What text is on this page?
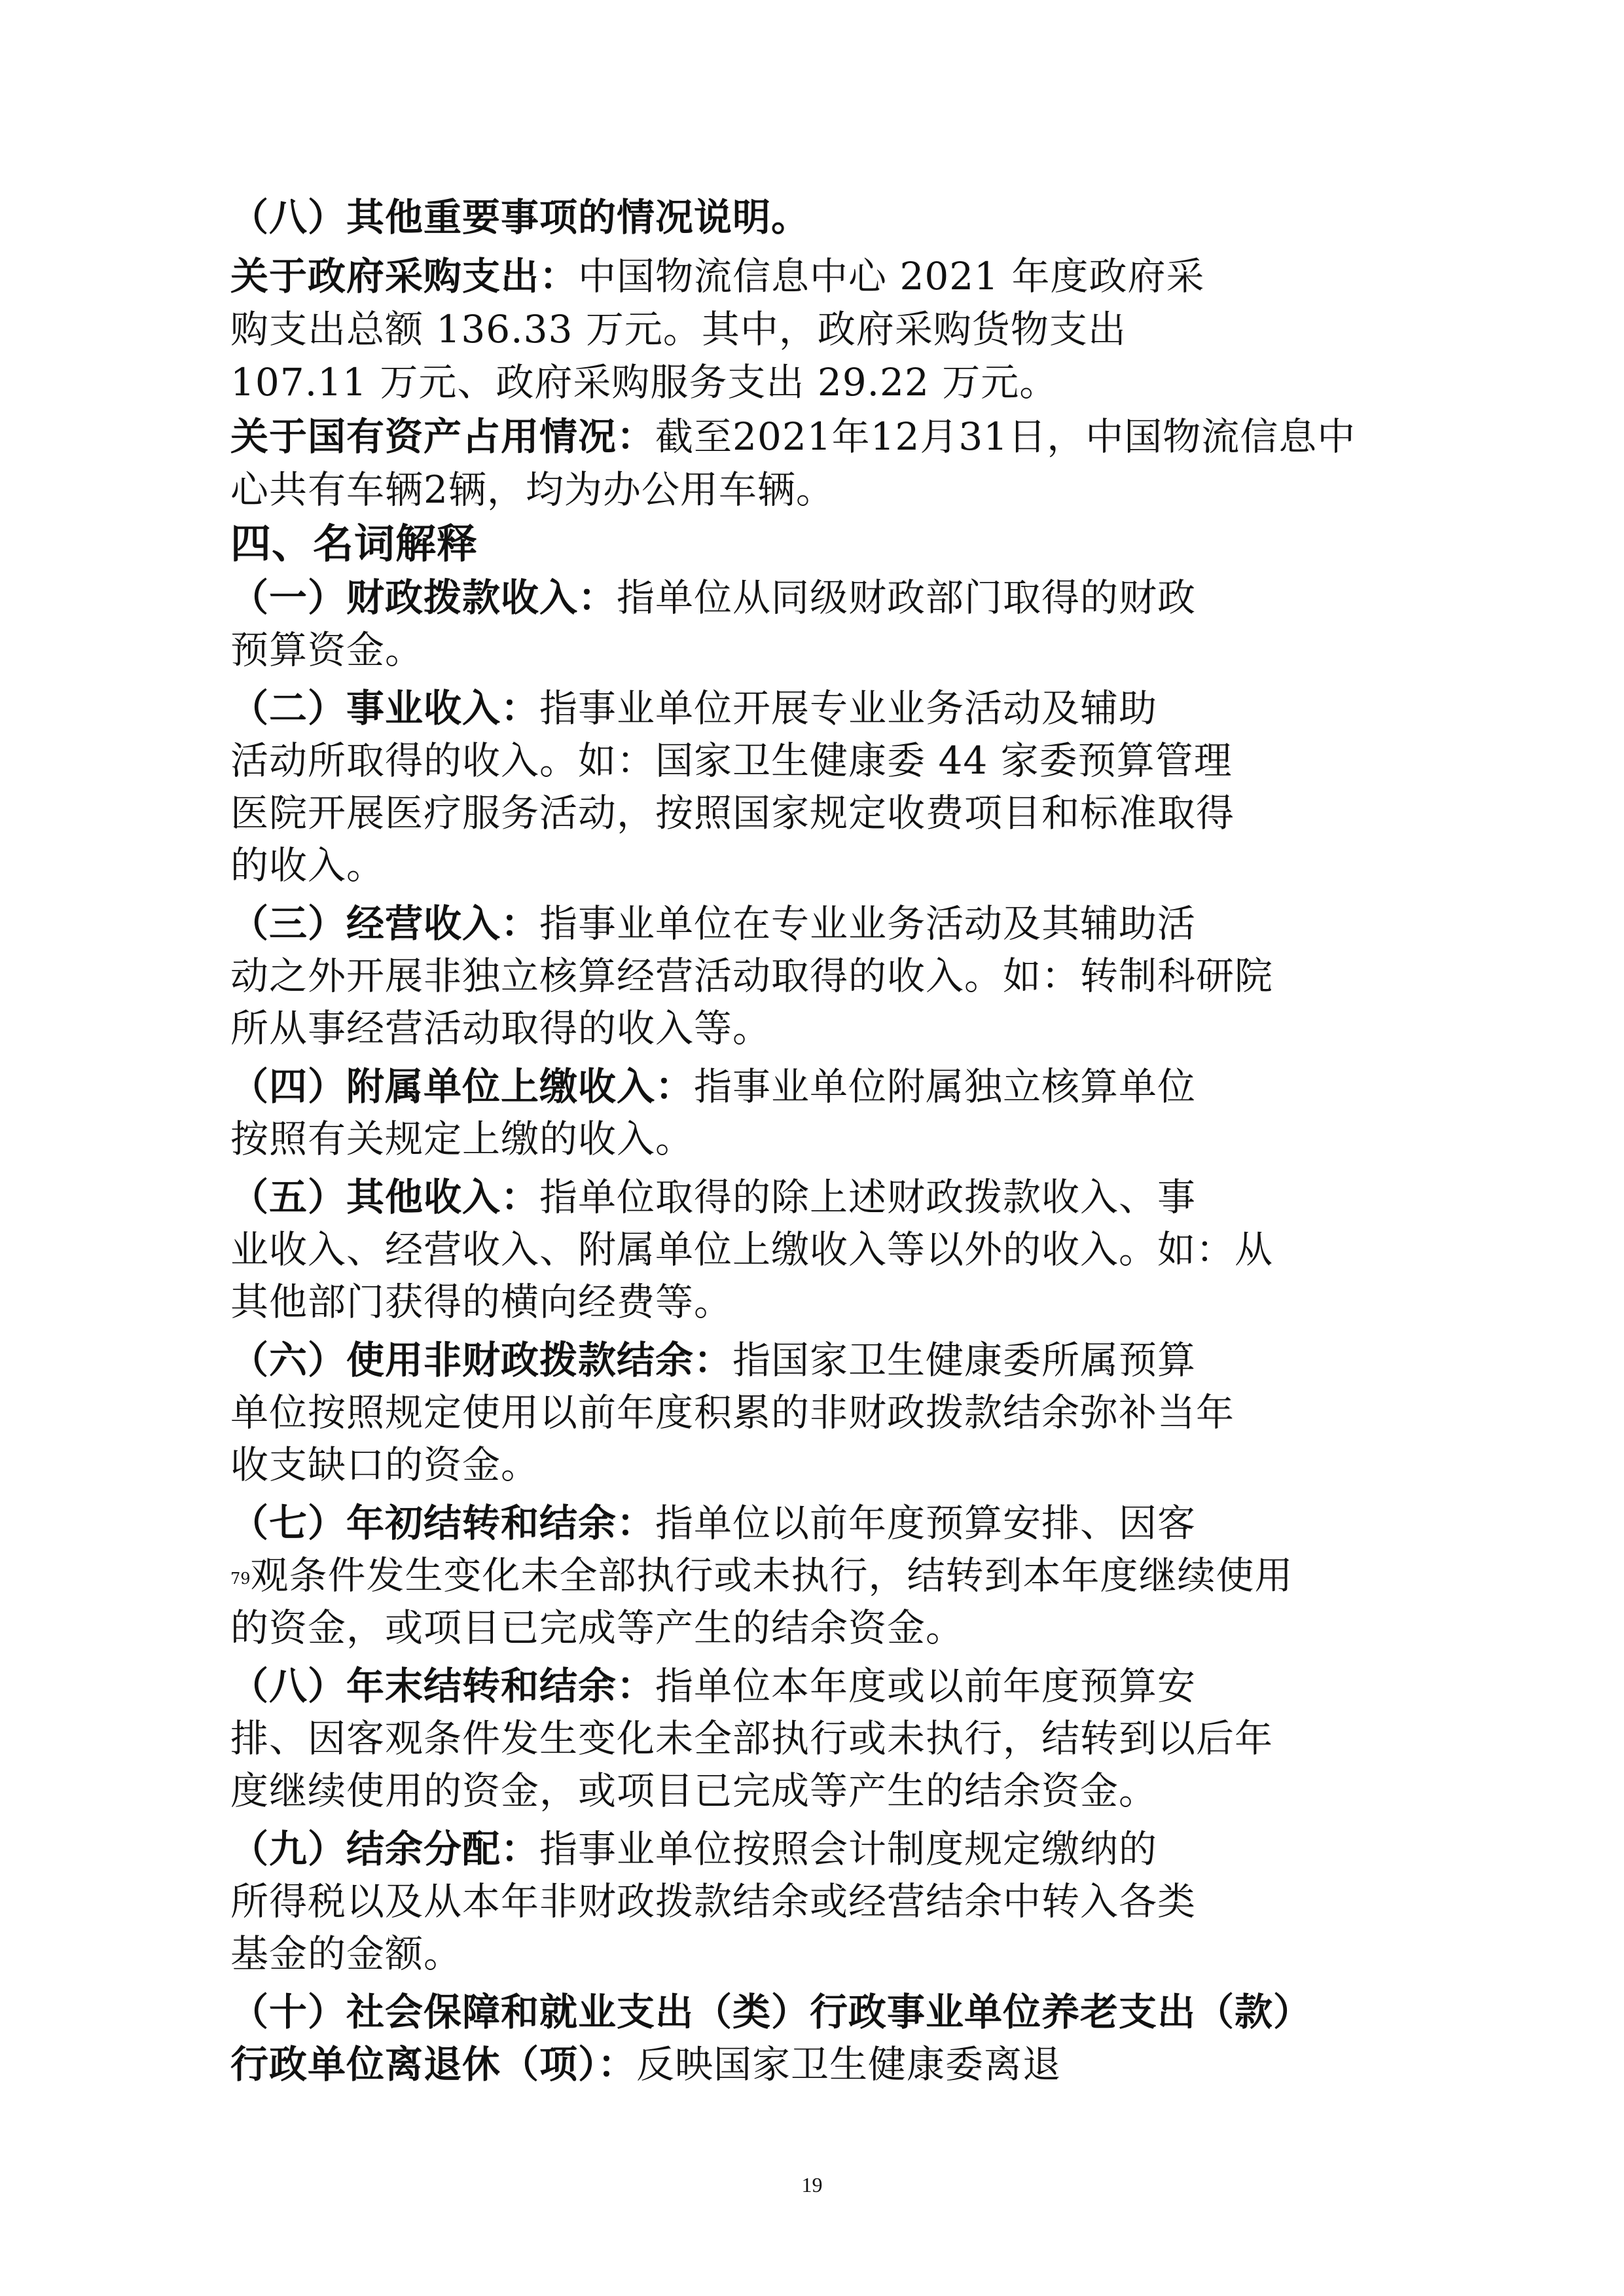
（八）其他重要事项的情况说明。
关于政府采购支出：中国物流信息中心 2021 年度政府采
购支出总额 136.33 万元。其中，政府采购货物支出
107.11 万元、政府采购服务支出 29.22 万元。
关于国有资产占用情况：截至2021年12月31日，中国物流信息中
心共有车辆2辆，均为办公用车辆。
四、名词解释
（一）财政拨款收入：指单位从同级财政部门取得的财政
预算资金。
（二）事业收入：指事业单位开展专业业务活动及辅助
活动所取得的收入。如：国家卫生健康委 44 家委预算管理
医院开展医疗服务活动，按照国家规定收费项目和标准取得
的收入。
（三）经营收入：指事业单位在专业业务活动及其辅助活
动之外开展非独立核算经营活动取得的收入。如：转制科研院
所从事经营活动取得的收入等。
（四）附属单位上缴收入：指事业单位附属独立核算单位
按照有关规定上缴的收入。
（五）其他收入：指单位取得的除上述财政拨款收入、事
业收入、经营收入、附属单位上缴收入等以外的收入。如：从
其他部门获得的横向经费等。
（六）使用非财政拨款结余：指国家卫生健康委所属预算
单位按照规定使用以前年度积累的非财政拨款结余弥补当年
收支缺口的资金。
（七）年初结转和结余：指单位以前年度预算安排、因客
79观条件发生变化未全部执行或未执行，结转到本年度继续使用
的资金，或项目已完成等产生的结余资金。
（八）年末结转和结余：指单位本年度或以前年度预算安
排、因客观条件发生变化未全部执行或未执行，结转到以后年
度继续使用的资金，或项目已完成等产生的结余资金。
（九）结余分配：指事业单位按照会计制度规定缴纳的
所得税以及从本年非财政拨款结余或经营结余中转入各类
基金的金额。
（十）社会保障和就业支出（类）行政事业单位养老支出（款）
行政单位离退休（项）：反映国家卫生健康委离退
19
